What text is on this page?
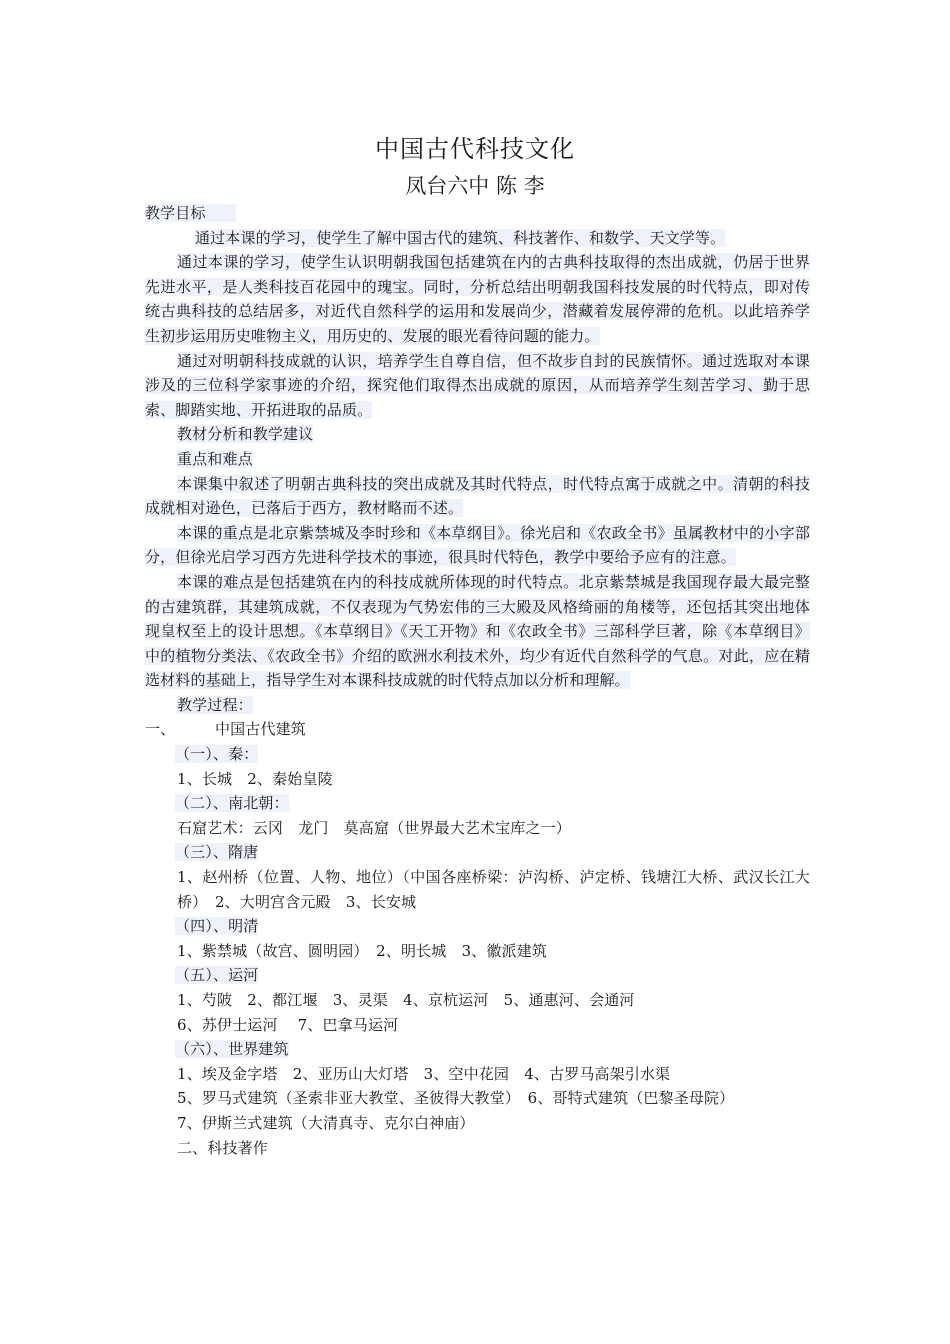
中国古代科技文化
凤台六中 陈 李

教学目标　　

通过本课的学习，使学生了解中国古代的建筑、科技著作、和数学、天文学等。

通过本课的学习，使学生认识明朝我国包括建筑在内的古典科技取得的杰出成就，仍居于世界先进水平，是人类科技百花园中的瑰宝。同时，分析总结出明朝我国科技发展的时代特点，即对传统古典科技的总结居多，对近代自然科学的运用和发展尚少，潜藏着发展停滞的危机。以此培养学生初步运用历史唯物主义，用历史的、发展的眼光看待问题的能力。

通过对明朝科技成就的认识，培养学生自尊自信，但不故步自封的民族情怀。通过选取对本课涉及的三位科学家事迹的介绍，探究他们取得杰出成就的原因，从而培养学生刻苦学习、勤于思索、脚踏实地、开拓进取的品质。

教材分析和教学建议

重点和难点

本课集中叙述了明朝古典科技的突出成就及其时代特点，时代特点寓于成就之中。清朝的科技成就相对逊色，已落后于西方，教材略而不述。

本课的重点是北京紫禁城及李时珍和《本草纲目》。徐光启和《农政全书》虽属教材中的小字部分，但徐光启学习西方先进科学技术的事迹，很具时代特色，教学中要给予应有的注意。

本课的难点是包括建筑在内的科技成就所体现的时代特点。北京紫禁城是我国现存最大最完整的古建筑群，其建筑成就，不仅表现为气势宏伟的三大殿及风格绮丽的角楼等，还包括其突出地体现皇权至上的设计思想。《本草纲目》《天工开物》和《农政全书》三部科学巨著，除《本草纲目》中的植物分类法、《农政全书》介绍的欧洲水利技术外，均少有近代自然科学的气息。对此，应在精选材料的基础上，指导学生对本课科技成就的时代特点加以分析和理解。

教学过程：

一、	中国古代建筑

（一）、秦：

1、长城　2、秦始皇陵

（二）、南北朝：

石窟艺术：云冈　龙门　莫高窟（世界最大艺术宝库之一）

（三）、隋唐

1、赵州桥（位置、人物、地位）（中国各座桥梁：泸沟桥、泸定桥、钱塘江大桥、武汉长江大桥）　2、大明宫含元殿　3、长安城

（四）、明清

1、紫禁城（故宫、圆明园）　2、明长城　3、徽派建筑

（五）、运河

1、芍陂　2、都江堰　3、灵渠　4、京杭运河　5、通惠河、会通河

6、苏伊士运河　 7、巴拿马运河

（六）、世界建筑

1、埃及金字塔　2、亚历山大灯塔　3、空中花园　4、古罗马高架引水渠

5、罗马式建筑（圣索非亚大教堂、圣彼得大教堂）　6、哥特式建筑（巴黎圣母院）

7、伊斯兰式建筑（大清真寺、克尔白神庙）

二、科技著作
